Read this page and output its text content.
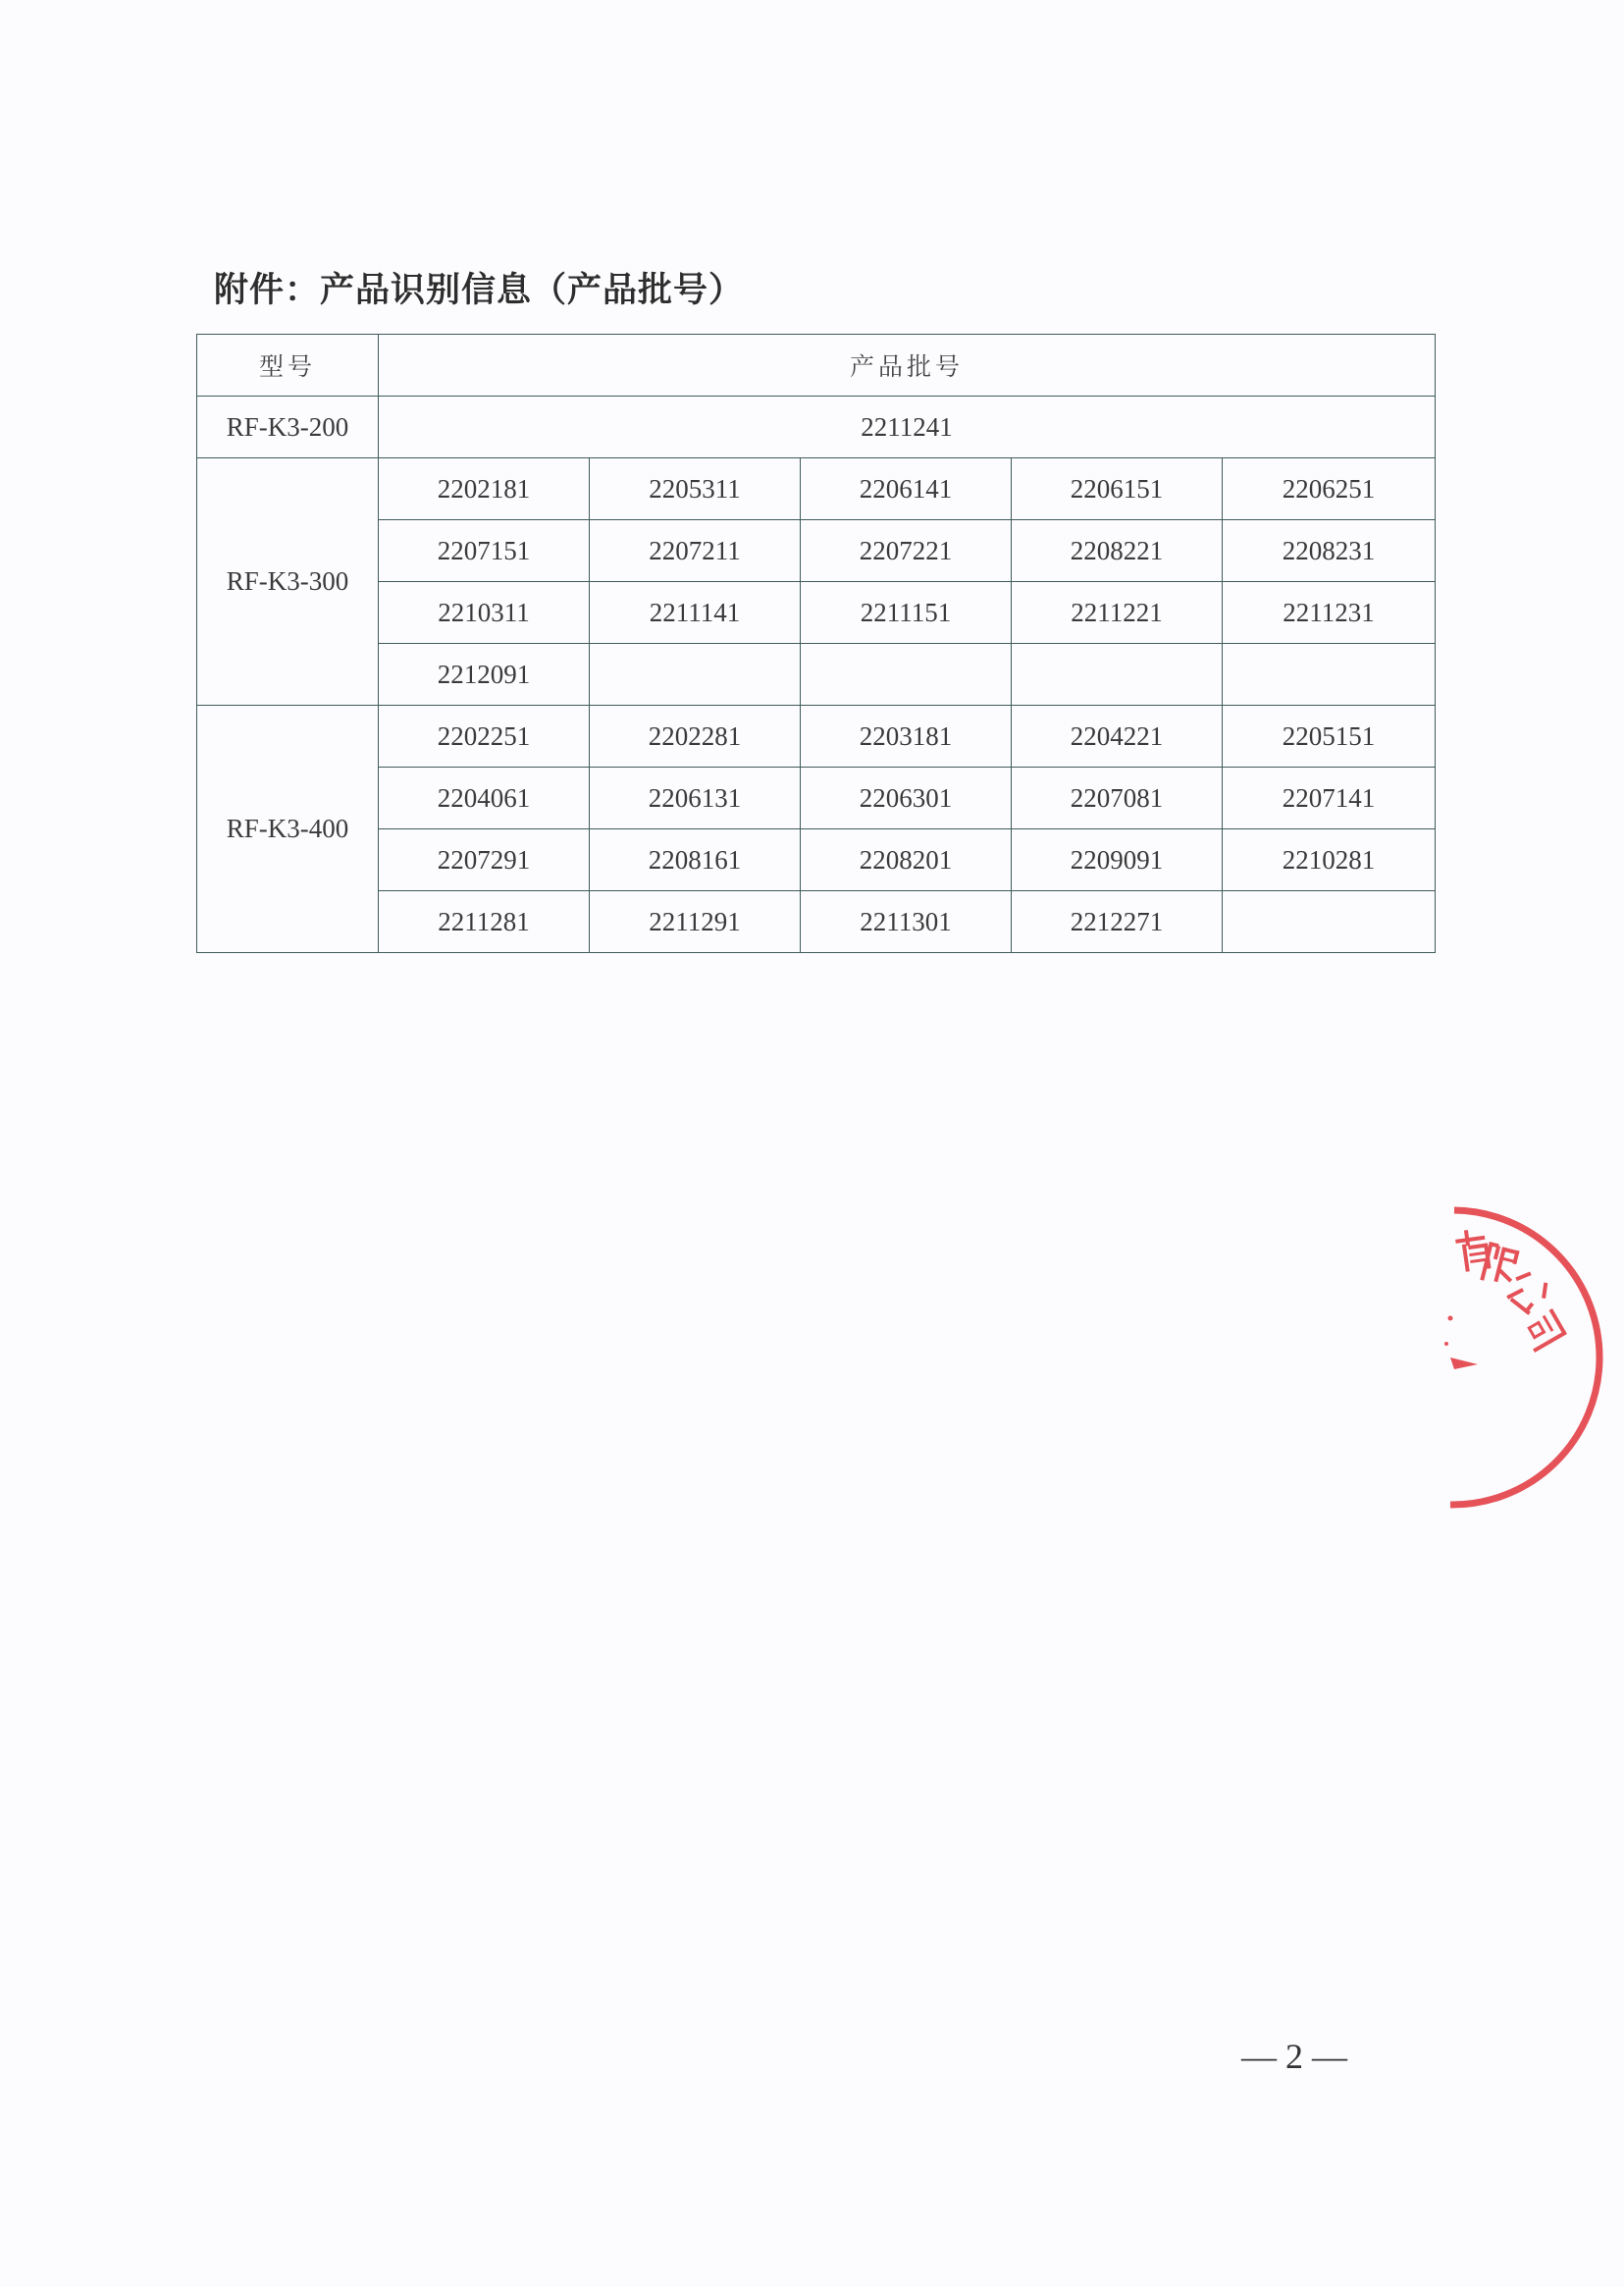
附件：产品识别信息（产品批号）
型号	产品批号				
RF-K3-200	2211241				
RF-K3-300	2202181	2205311	2206141	2206151	2206251
	2207151	2207211	2207221	2208221	2208231
	2210311	2211141	2211151	2211221	2211231
	2212091				
RF-K3-400	2202251	2202281	2203181	2204221	2205151
	2204061	2206131	2206301	2207081	2207141
	2207291	2208161	2208201	2209091	2210281
	2211281	2211291	2211301	2212271	
— 2 —
